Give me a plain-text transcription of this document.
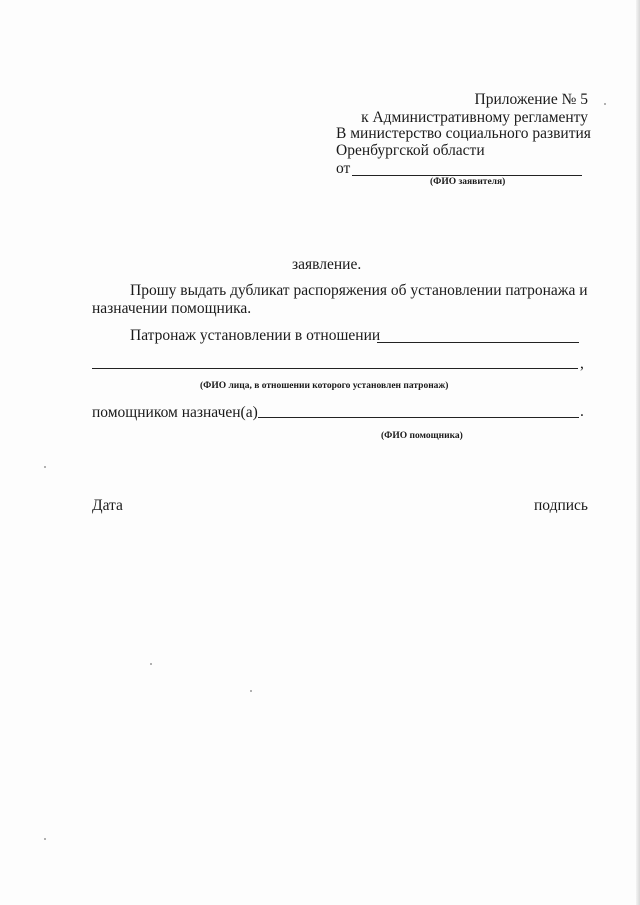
Приложение № 5
к Административному регламенту
В министерство социального развития
Оренбургской области
от
(ФИО заявителя)
заявление.
Прошу выдать дубликат распоряжения об установлении патронажа и
назначении помощника.
Патронаж установлении в отношении
,
(ФИО лица, в отношении которого установлен патронаж)
помощником назначен(а)	.
(ФИО помощника)
Дата	подпись
